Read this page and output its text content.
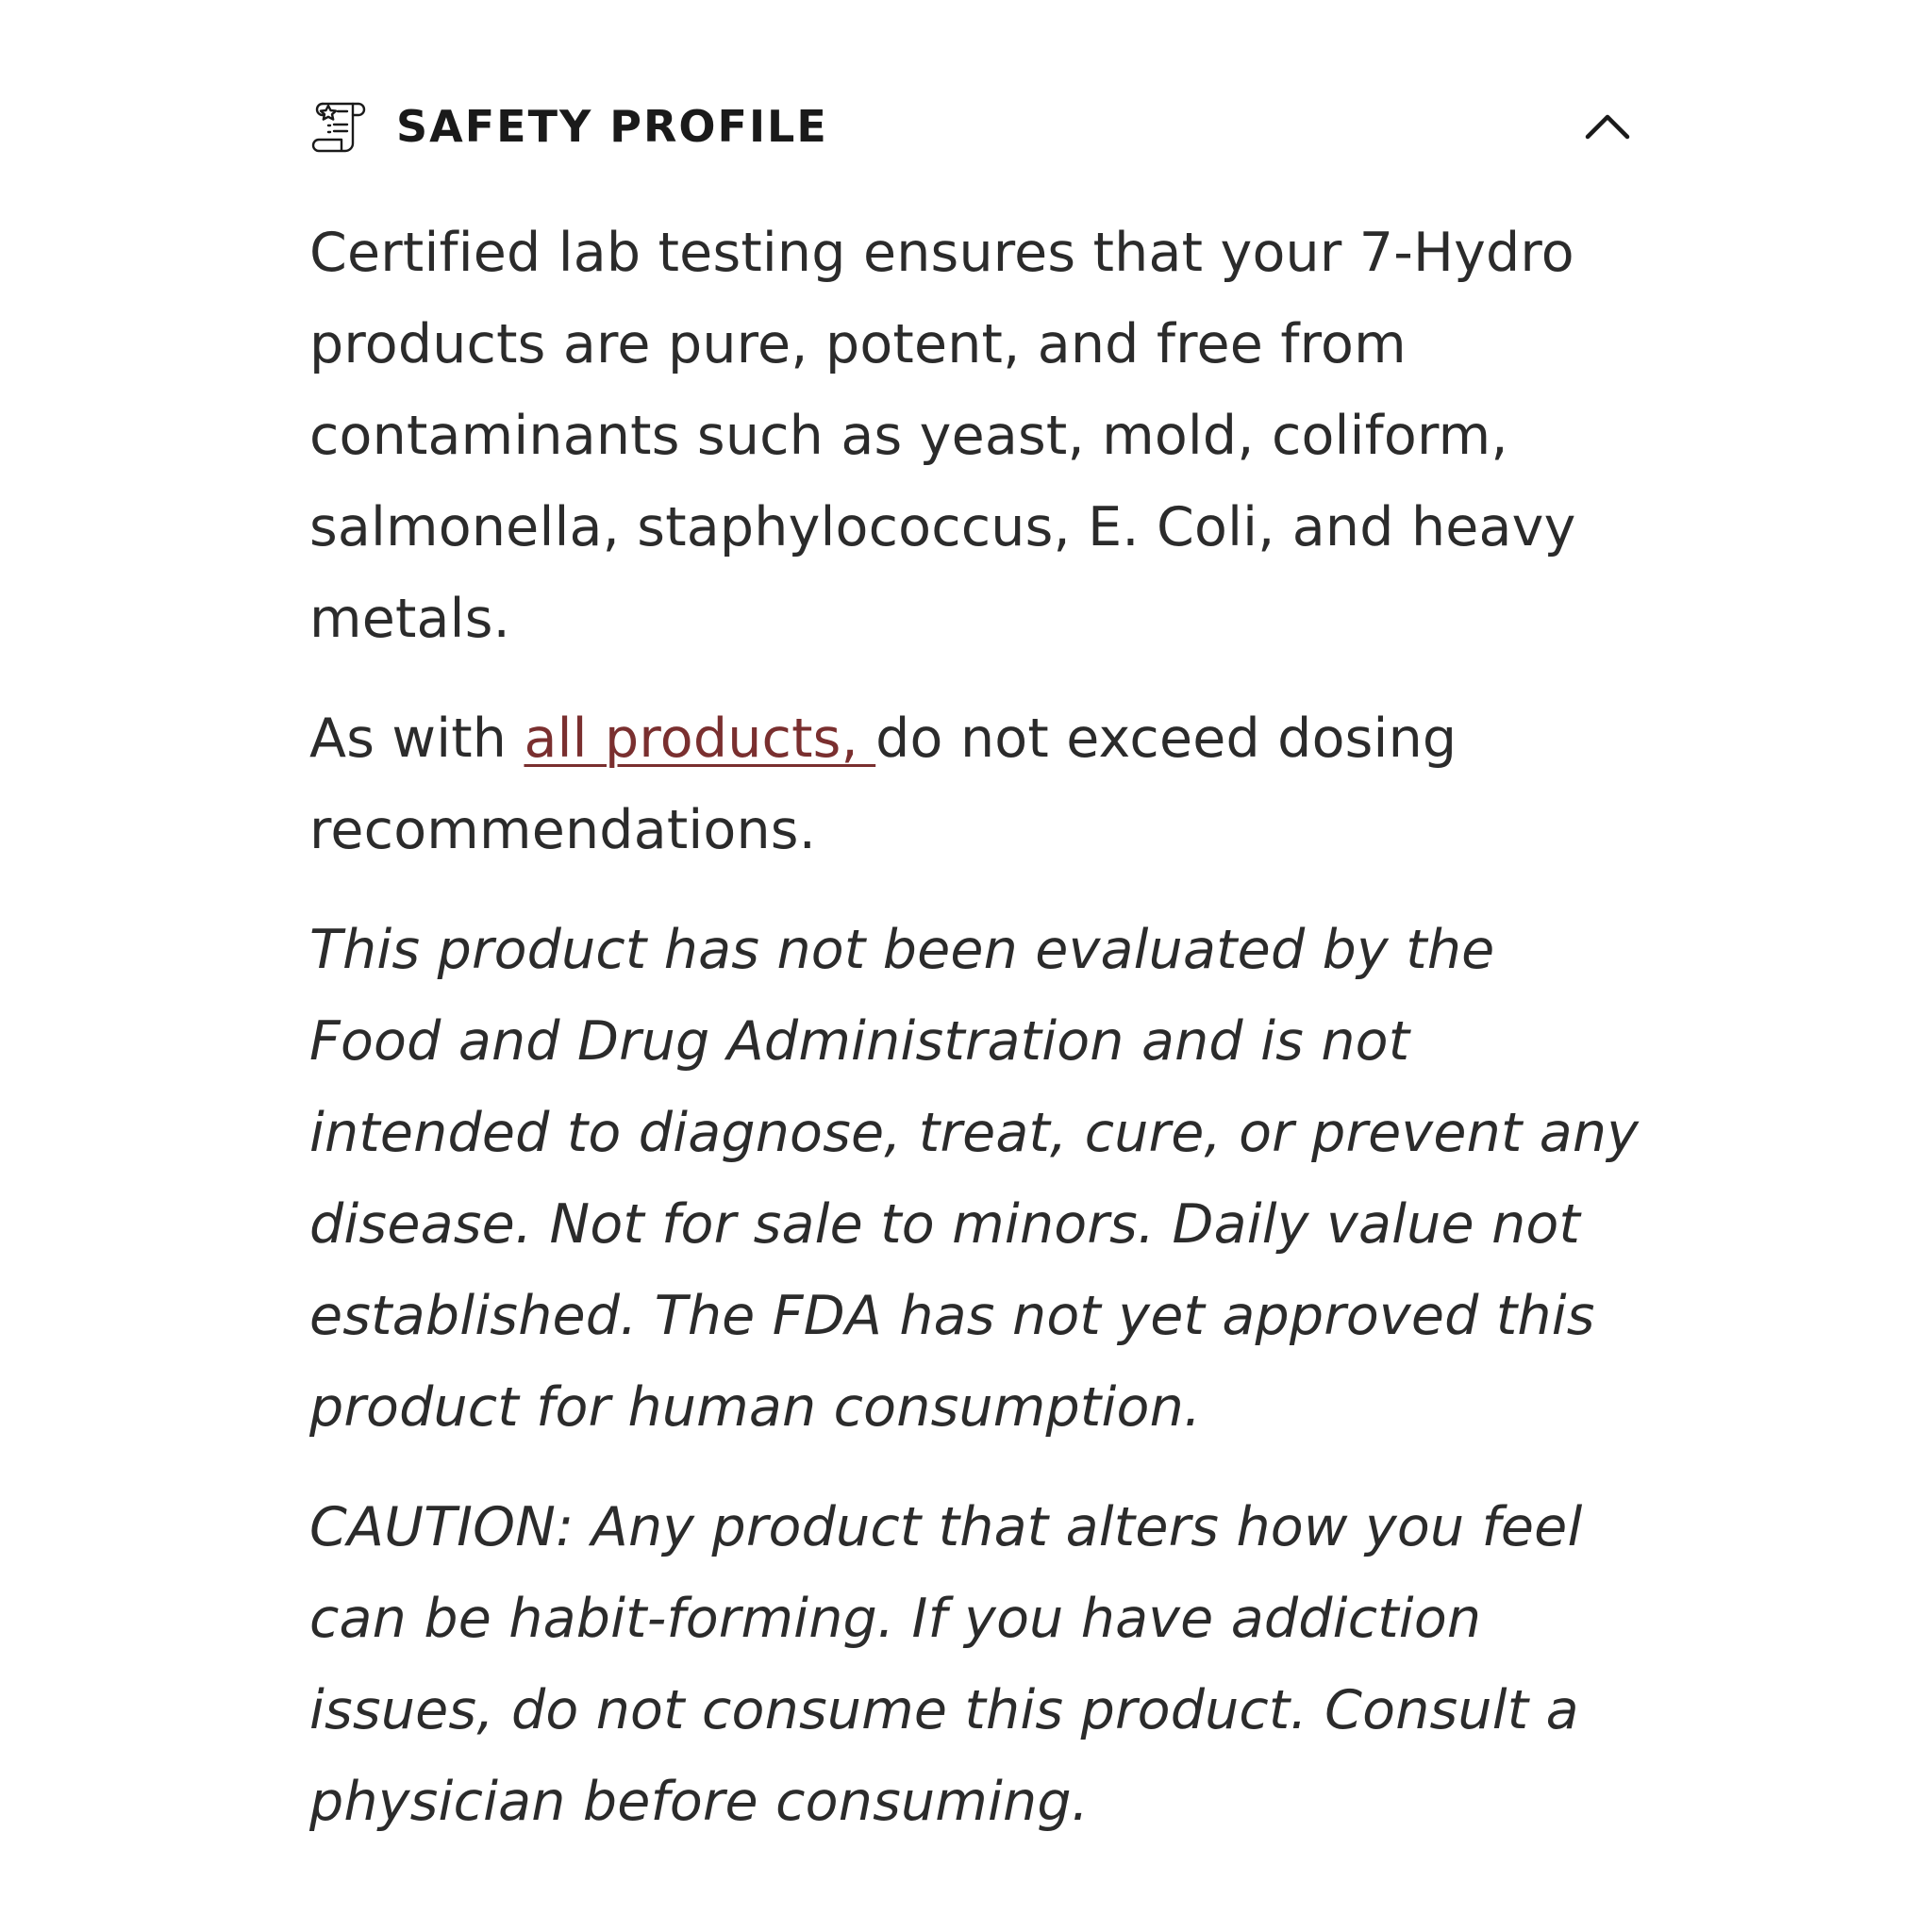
SAFETY PROFILE

Certified lab testing ensures that your 7-Hydro products are pure, potent, and free from contaminants such as yeast, mold, coliform, salmonella, staphylococcus, E. Coli, and heavy metals.

As with all products, do not exceed dosing recommendations.

This product has not been evaluated by the Food and Drug Administration and is not intended to diagnose, treat, cure, or prevent any disease. Not for sale to minors. Daily value not established. The FDA has not yet approved this product for human consumption.

CAUTION: Any product that alters how you feel can be habit-forming. If you have addiction issues, do not consume this product. Consult a physician before consuming.
